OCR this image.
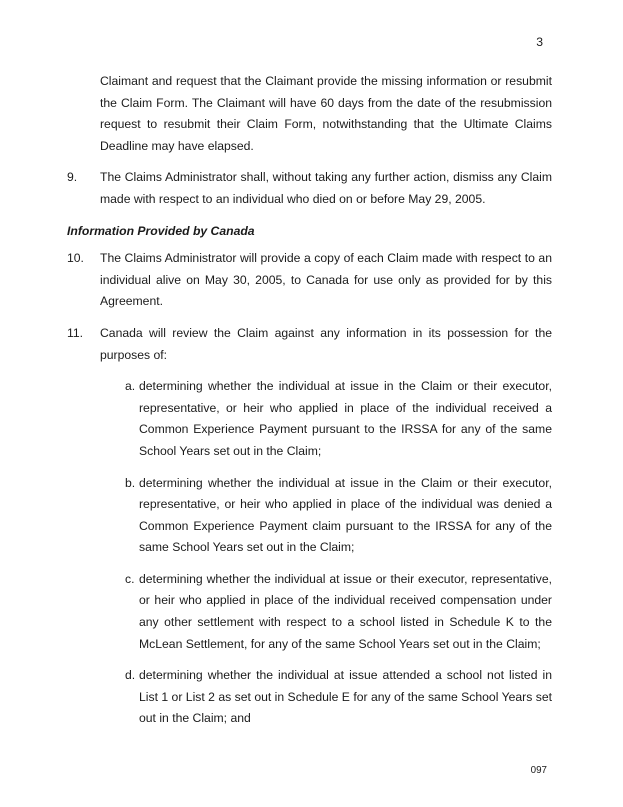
3

Claimant and request that the Claimant provide the missing information or resubmit the Claim Form. The Claimant will have 60 days from the date of the resubmission request to resubmit their Claim Form, notwithstanding that the Ultimate Claims Deadline may have elapsed.

9.	The Claims Administrator shall, without taking any further action, dismiss any Claim made with respect to an individual who died on or before May 29, 2005.

Information Provided by Canada

10.	The Claims Administrator will provide a copy of each Claim made with respect to an individual alive on May 30, 2005, to Canada for use only as provided for by this Agreement.
11.	Canada will review the Claim against any information in its possession for the purposes of:
a. determining whether the individual at issue in the Claim or their executor, representative, or heir who applied in place of the individual received a Common Experience Payment pursuant to the IRSSA for any of the same School Years set out in the Claim;
b. determining whether the individual at issue in the Claim or their executor, representative, or heir who applied in place of the individual was denied a Common Experience Payment claim pursuant to the IRSSA for any of the same School Years set out in the Claim;
c. determining whether the individual at issue or their executor, representative, or heir who applied in place of the individual received compensation under any other settlement with respect to a school listed in Schedule K to the McLean Settlement, for any of the same School Years set out in the Claim;
d. determining whether the individual at issue attended a school not listed in List 1 or List 2 as set out in Schedule E for any of the same School Years set out in the Claim; and
097
